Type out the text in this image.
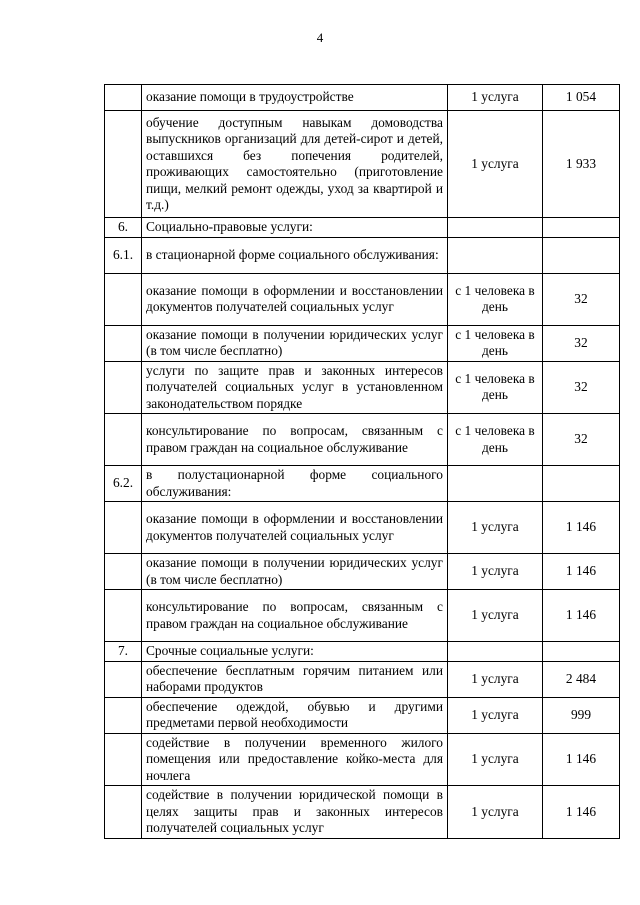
4
	оказание помощи в трудоустройстве	1 услуга	1 054
	обучение доступным навыкам домоводства выпускников организаций для детей-сирот и детей, оставшихся без попечения родителей, проживающих самостоятельно (приготовление пищи, мелкий ремонт одежды, уход за квартирой и т.д.)	1 услуга	1 933
6.	Социально-правовые услуги:		
6.1.	в стационарной форме социального обслуживания:		
	оказание помощи в оформлении и восстановлении документов получателей социальных услуг	с 1 человека в день	32
	оказание помощи в получении юридических услуг (в том числе бесплатно)	с 1 человека в день	32
	услуги по защите прав и законных интересов получателей социальных услуг в установленном законодательством порядке	с 1 человека в день	32
	консультирование по вопросам, связанным с правом граждан на социальное обслуживание	с 1 человека в день	32
6.2.	в полустационарной форме социального обслуживания:		
	оказание помощи в оформлении и восстановлении документов получателей социальных услуг	1 услуга	1 146
	оказание помощи в получении юридических услуг (в том числе бесплатно)	1 услуга	1 146
	консультирование по вопросам, связанным с правом граждан на социальное обслуживание	1 услуга	1 146
7.	Срочные социальные услуги:		
	обеспечение бесплатным горячим питанием или наборами продуктов	1 услуга	2 484
	обеспечение одеждой, обувью и другими предметами первой необходимости	1 услуга	999
	содействие в получении временного жилого помещения или предоставление койко-места для ночлега	1 услуга	1 146
	содействие в получении юридической помощи в целях защиты прав и законных интересов получателей социальных услуг	1 услуга	1 146
